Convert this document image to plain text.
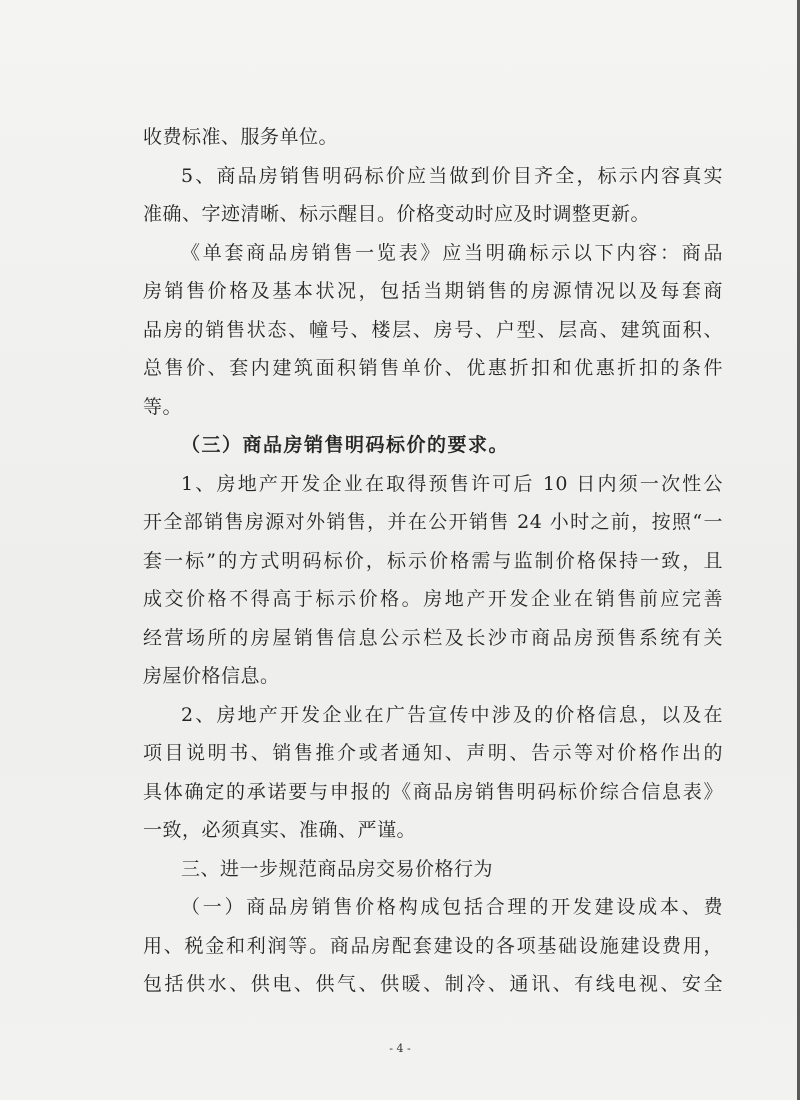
收费标准、服务单位。
5、商品房销售明码标价应当做到价目齐全，标示内容真实
准确、字迹清晰、标示醒目。价格变动时应及时调整更新。
《单套商品房销售一览表》应当明确标示以下内容：商品
房销售价格及基本状况，包括当期销售的房源情况以及每套商
品房的销售状态、幢号、楼层、房号、户型、层高、建筑面积、
总售价、套内建筑面积销售单价、优惠折扣和优惠折扣的条件
等。
（三）商品房销售明码标价的要求。
1、房地产开发企业在取得预售许可后 10 日内须一次性公
开全部销售房源对外销售，并在公开销售 24 小时之前，按照“一
套一标”的方式明码标价，标示价格需与监制价格保持一致，且
成交价格不得高于标示价格。房地产开发企业在销售前应完善
经营场所的房屋销售信息公示栏及长沙市商品房预售系统有关
房屋价格信息。
2、房地产开发企业在广告宣传中涉及的价格信息，以及在
项目说明书、销售推介或者通知、声明、告示等对价格作出的
具体确定的承诺要与申报的《商品房销售明码标价综合信息表》
一致，必须真实、准确、严谨。
三、进一步规范商品房交易价格行为
（一）商品房销售价格构成包括合理的开发建设成本、费
用、税金和利润等。商品房配套建设的各项基础设施建设费用，
包括供水、供电、供气、供暖、制冷、通讯、有线电视、安全
- 4 -
